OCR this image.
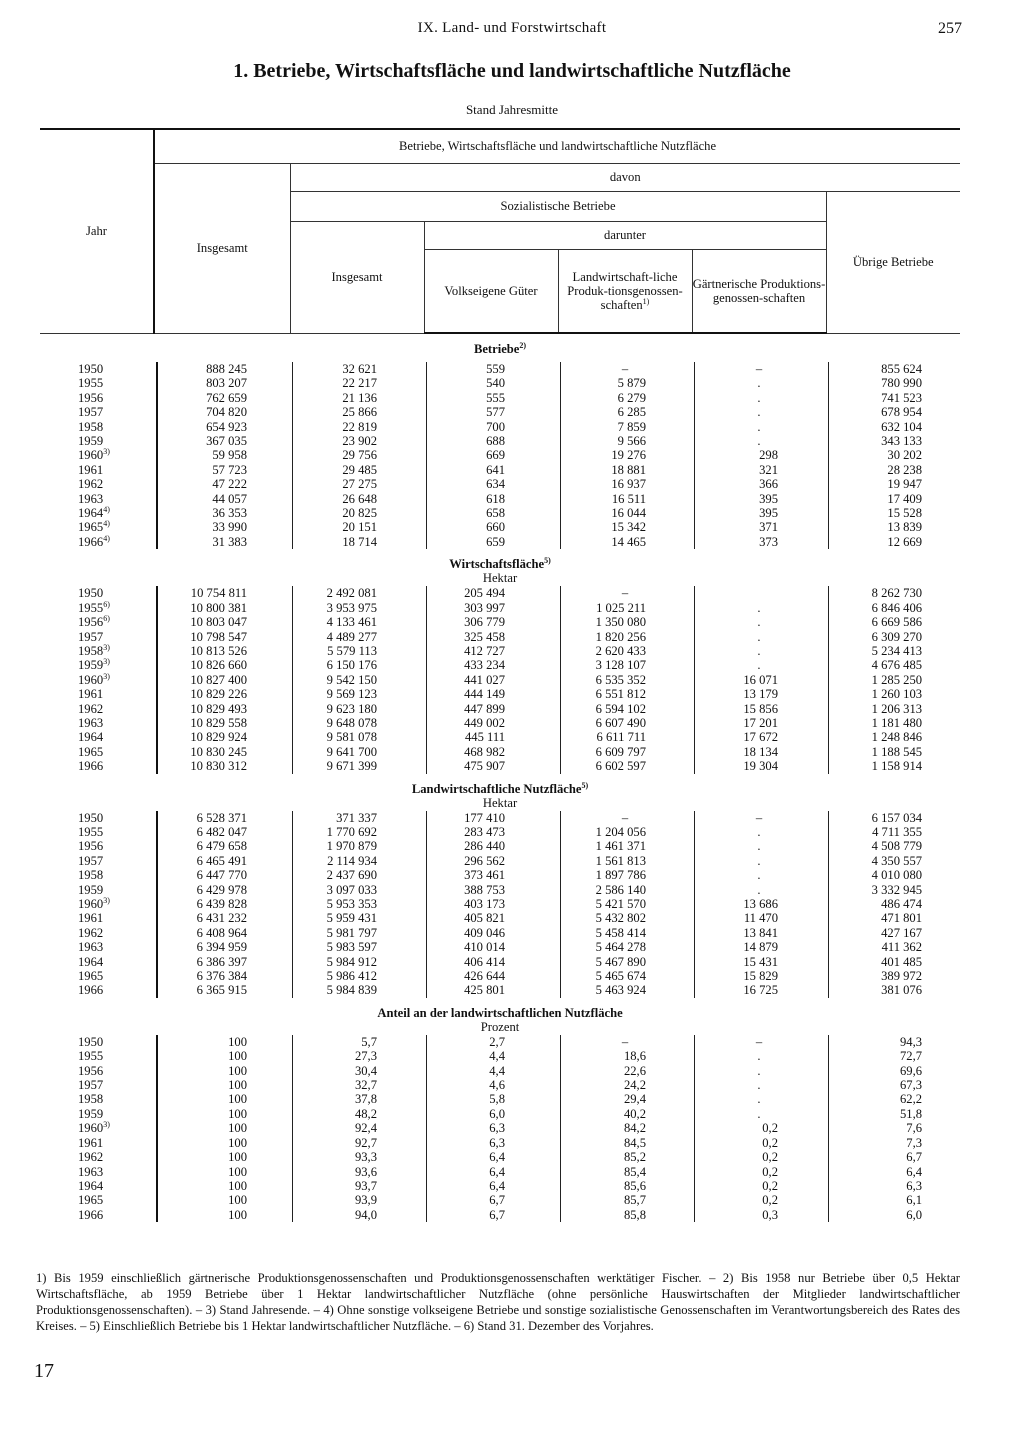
IX. Land- und Forstwirtschaft	257
1. Betriebe, Wirtschaftsfläche und landwirtschaftliche Nutzfläche
Stand Jahresmitte
Jahr	Betriebe, Wirtschaftsfläche und landwirtschaftliche Nutzfläche					
	Insgesamt	davon				
		Sozialistische Betriebe				Übrige Betriebe
		Insgesamt	darunter			
			Volkseigene Güter	Landwirtschaft-liche Produk-tionsgenossen-schaften$^{1)}$	Gärtnerische Produktions-genossen-schaften	
Betriebe$^{2)}$

1950	888 245	32 621	559	–	–	855 624
1955	803 207	22 217	540	5 879	.	780 990
1956	762 659	21 136	555	6 279	.	741 523
1957	704 820	25 866	577	6 285	.	678 954
1958	654 923	22 819	700	7 859	.	632 104
1959	367 035	23 902	688	9 566	.	343 133
1960$^{3)}$	59 958	29 756	669	19 276	298	30 202
1961	57 723	29 485	641	18 881	321	28 238
1962	47 222	27 275	634	16 937	366	19 947
1963	44 057	26 648	618	16 511	395	17 409
1964$^{4)}$	36 353	20 825	658	16 044	395	15 528
1965$^{4)}$	33 990	20 151	660	15 342	371	13 839
1966$^{4)}$	31 383	18 714	659	14 465	373	12 669
Wirtschaftsfläche$^{5)}$
Hektar						
1950	10 754 811	2 492 081	205 494	–		8 262 730
1955$^{6)}$	10 800 381	3 953 975	303 997	1 025 211	.	6 846 406
1956$^{6)}$	10 803 047	4 133 461	306 779	1 350 080	.	6 669 586
1957	10 798 547	4 489 277	325 458	1 820 256	.	6 309 270
1958$^{3)}$	10 813 526	5 579 113	412 727	2 620 433	.	5 234 413
1959$^{3)}$	10 826 660	6 150 176	433 234	3 128 107	.	4 676 485
1960$^{3)}$	10 827 400	9 542 150	441 027	6 535 352	16 071	1 285 250
1961	10 829 226	9 569 123	444 149	6 551 812	13 179	1 260 103
1962	10 829 493	9 623 180	447 899	6 594 102	15 856	1 206 313
1963	10 829 558	9 648 078	449 002	6 607 490	17 201	1 181 480
1964	10 829 924	9 581 078	445 111	6 611 711	17 672	1 248 846
1965	10 830 245	9 641 700	468 982	6 609 797	18 134	1 188 545
1966	10 830 312	9 671 399	475 907	6 602 597	19 304	1 158 914
Landwirtschaftliche Nutzfläche$^{5)}$
Hektar						
1950	6 528 371	371 337	177 410	–	–	6 157 034
1955	6 482 047	1 770 692	283 473	1 204 056	.	4 711 355
1956	6 479 658	1 970 879	286 440	1 461 371	.	4 508 779
1957	6 465 491	2 114 934	296 562	1 561 813	.	4 350 557
1958	6 447 770	2 437 690	373 461	1 897 786	.	4 010 080
1959	6 429 978	3 097 033	388 753	2 586 140	.	3 332 945
1960$^{3)}$	6 439 828	5 953 353	403 173	5 421 570	13 686	486 474
1961	6 431 232	5 959 431	405 821	5 432 802	11 470	471 801
1962	6 408 964	5 981 797	409 046	5 458 414	13 841	427 167
1963	6 394 959	5 983 597	410 014	5 464 278	14 879	411 362
1964	6 386 397	5 984 912	406 414	5 467 890	15 431	401 485
1965	6 376 384	5 986 412	426 644	5 465 674	15 829	389 972
1966	6 365 915	5 984 839	425 801	5 463 924	16 725	381 076
Anteil an der landwirtschaftlichen Nutzfläche						
Prozent						
1950	100	5,7	2,7	–	–	94,3
1955	100	27,3	4,4	18,6	.	72,7
1956	100	30,4	4,4	22,6	.	69,6
1957	100	32,7	4,6	24,2	.	67,3
1958	100	37,8	5,8	29,4	.	62,2
1959	100	48,2	6,0	40,2	.	51,8
1960$^{3)}$	100	92,4	6,3	84,2	0,2	7,6
1961	100	92,7	6,3	84,5	0,2	7,3
1962	100	93,3	6,4	85,2	0,2	6,7
1963	100	93,6	6,4	85,4	0,2	6,4
1964	100	93,7	6,4	85,6	0,2	6,3
1965	100	93,9	6,7	85,7	0,2	6,1
1966	100	94,0	6,7	85,8	0,3	6,0
1) Bis 1959 einschließlich gärtnerische Produktionsgenossenschaften und Produktionsgenossenschaften werktätiger Fischer. – 2) Bis 1958 nur Betriebe über 0,5 Hektar Wirtschaftsfläche, ab 1959 Betriebe über 1 Hektar landwirtschaftlicher Nutzfläche (ohne persönliche Hauswirtschaften der Mitglieder landwirtschaftlicher Produktionsgenossenschaften). – 3) Stand Jahresende. – 4) Ohne sonstige volkseigene Betriebe und sonstige sozialistische Genossenschaften im Verantwortungsbereich des Rates des Kreises. – 5) Einschließlich Betriebe bis 1 Hektar landwirtschaftlicher Nutzfläche. – 6) Stand 31. Dezember des Vorjahres.
17
